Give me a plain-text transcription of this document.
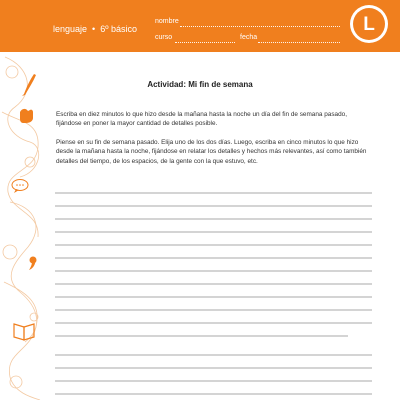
lenguaje • 6º básico
nombre
curso	fecha
L
Actividad: Mi fin de semana

Escriba en diez minutos lo que hizo desde la mañana hasta la noche un día del fin de semana pasado, fijándose en poner la mayor cantidad de detalles posible.

Piense en su fin de semana pasado. Elija uno de los dos días. Luego, escriba en cinco minutos lo que hizo desde la mañana hasta la noche, fijándose en relatar los detalles y hechos más relevantes, así como también detalles del tiempo, de los espacios, de la gente con la que estuvo, etc.
